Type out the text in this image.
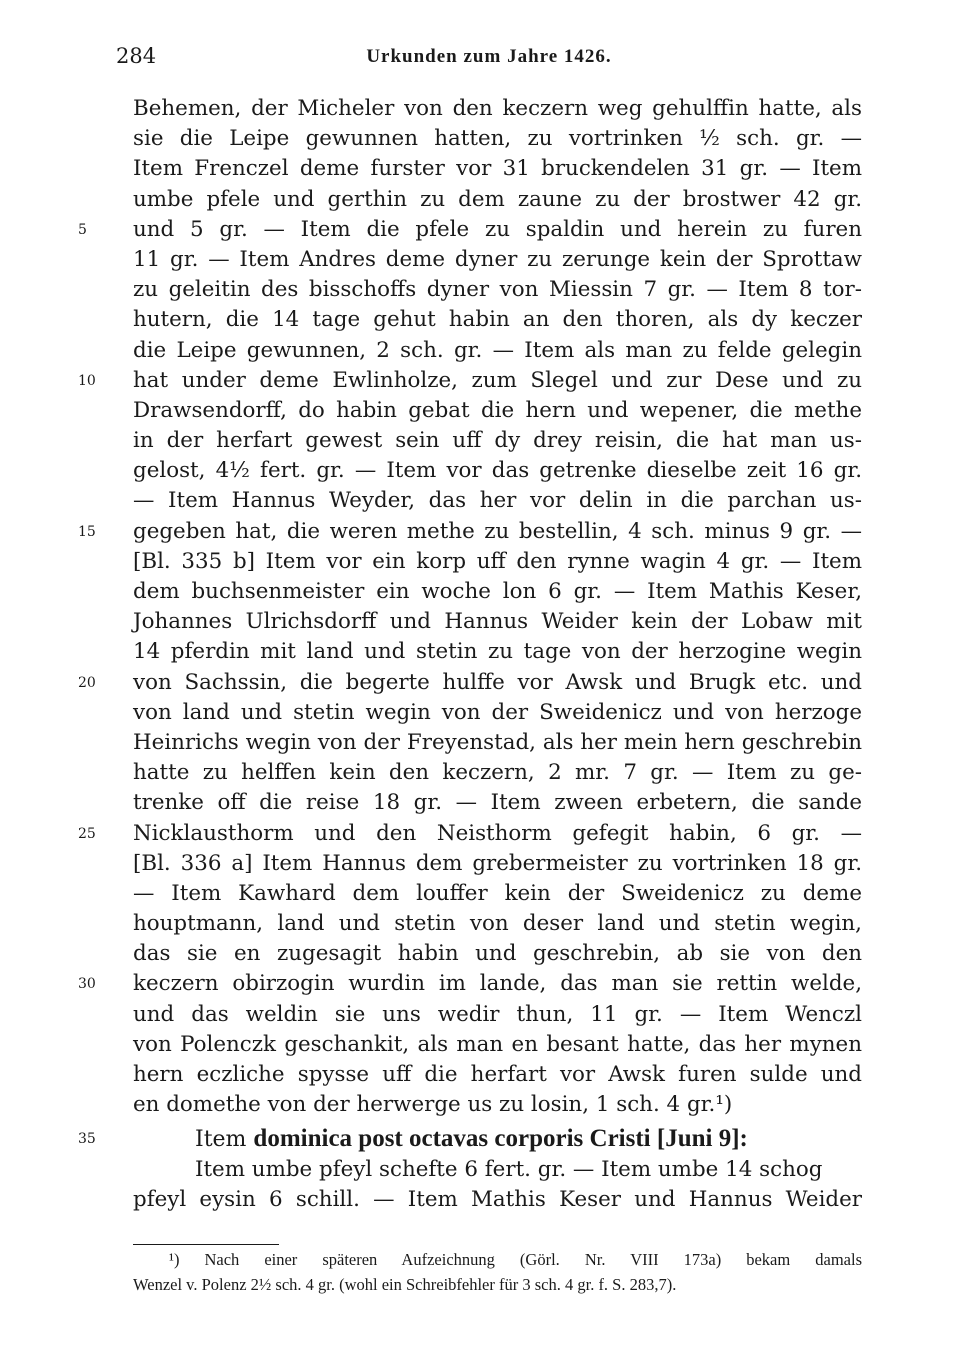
284	Urkunden zum Jahre 1426.
Behemen, der Micheler von den keczern weg gehulffin hatte, als
sie die Leipe gewunnen hatten, zu vortrinken ½ sch. gr. —
Item Frenczel deme furster vor 31 bruckendelen 31 gr. — Item
umbe pfele und gerthin zu dem zaune zu der brostwer 42 gr.
5	und 5 gr. — Item die pfele zu spaldin und herein zu furen
11 gr. — Item Andres deme dyner zu zerunge kein der Sprottaw
zu geleitin des bisschoffs dyner von Miessin 7 gr. — Item 8 tor-
hutern, die 14 tage gehut habin an den thoren, als dy keczer
die Leipe gewunnen, 2 sch. gr. — Item als man zu felde gelegin
10	hat under deme Ewlinholze, zum Slegel und zur Dese und zu
Drawsendorff, do habin gebat die hern und wepener, die methe
in der herfart gewest sein uff dy drey reisin, die hat man us-
gelost, 4½ fert. gr. — Item vor das getrenke dieselbe zeit 16 gr.
— Item Hannus Weyder, das her vor delin in die parchan us-
15	gegeben hat, die weren methe zu bestellin, 4 sch. minus 9 gr. —
[Bl. 335 b] Item vor ein korp uff den rynne wagin 4 gr. — Item
dem buchsenmeister ein woche lon 6 gr. — Item Mathis Keser,
Johannes Ulrichsdorff und Hannus Weider kein der Lobaw mit
14 pferdin mit land und stetin zu tage von der herzogine wegin
20	von Sachssin, die begerte hulffe vor Awsk und Brugk etc. und
von land und stetin wegin von der Sweidenicz und von herzoge
Heinrichs wegin von der Freyenstad, als her mein hern geschrebin
hatte zu helffen kein den keczern, 2 mr. 7 gr. — Item zu ge-
trenke off die reise 18 gr. — Item zween erbetern, die sande
25	Nicklausthorm und den Neisthorm gefegit habin, 6 gr. —
[Bl. 336 a] Item Hannus dem grebermeister zu vortrinken 18 gr.
— Item Kawhard dem louffer kein der Sweidenicz zu deme
houptmann, land und stetin von deser land und stetin wegin,
das sie en zugesagit habin und geschrebin, ab sie von den
30	keczern obirzogin wurdin im lande, das man sie rettin welde,
und das weldin sie uns wedir thun, 11 gr. — Item Wenczl
von Polenczk geschankit, als man en besant hatte, das her mynen
hern eczliche spysse uff die herfart vor Awsk furen sulde und
en domethe von der herwerge us zu losin, 1 sch. 4 gr.¹)
35	Item dominica post octavas corporis Cristi [Juni 9]:
Item umbe pfeyl schefte 6 fert. gr. — Item umbe 14 schog
pfeyl eysin 6 schill. — Item Mathis Keser und Hannus Weider
¹) Nach einer späteren Aufzeichnung (Görl. Nr. VIII 173a) bekam damals
Wenzel v. Polenz 2½ sch. 4 gr. (wohl ein Schreibfehler für 3 sch. 4 gr. f. S. 283,7).
